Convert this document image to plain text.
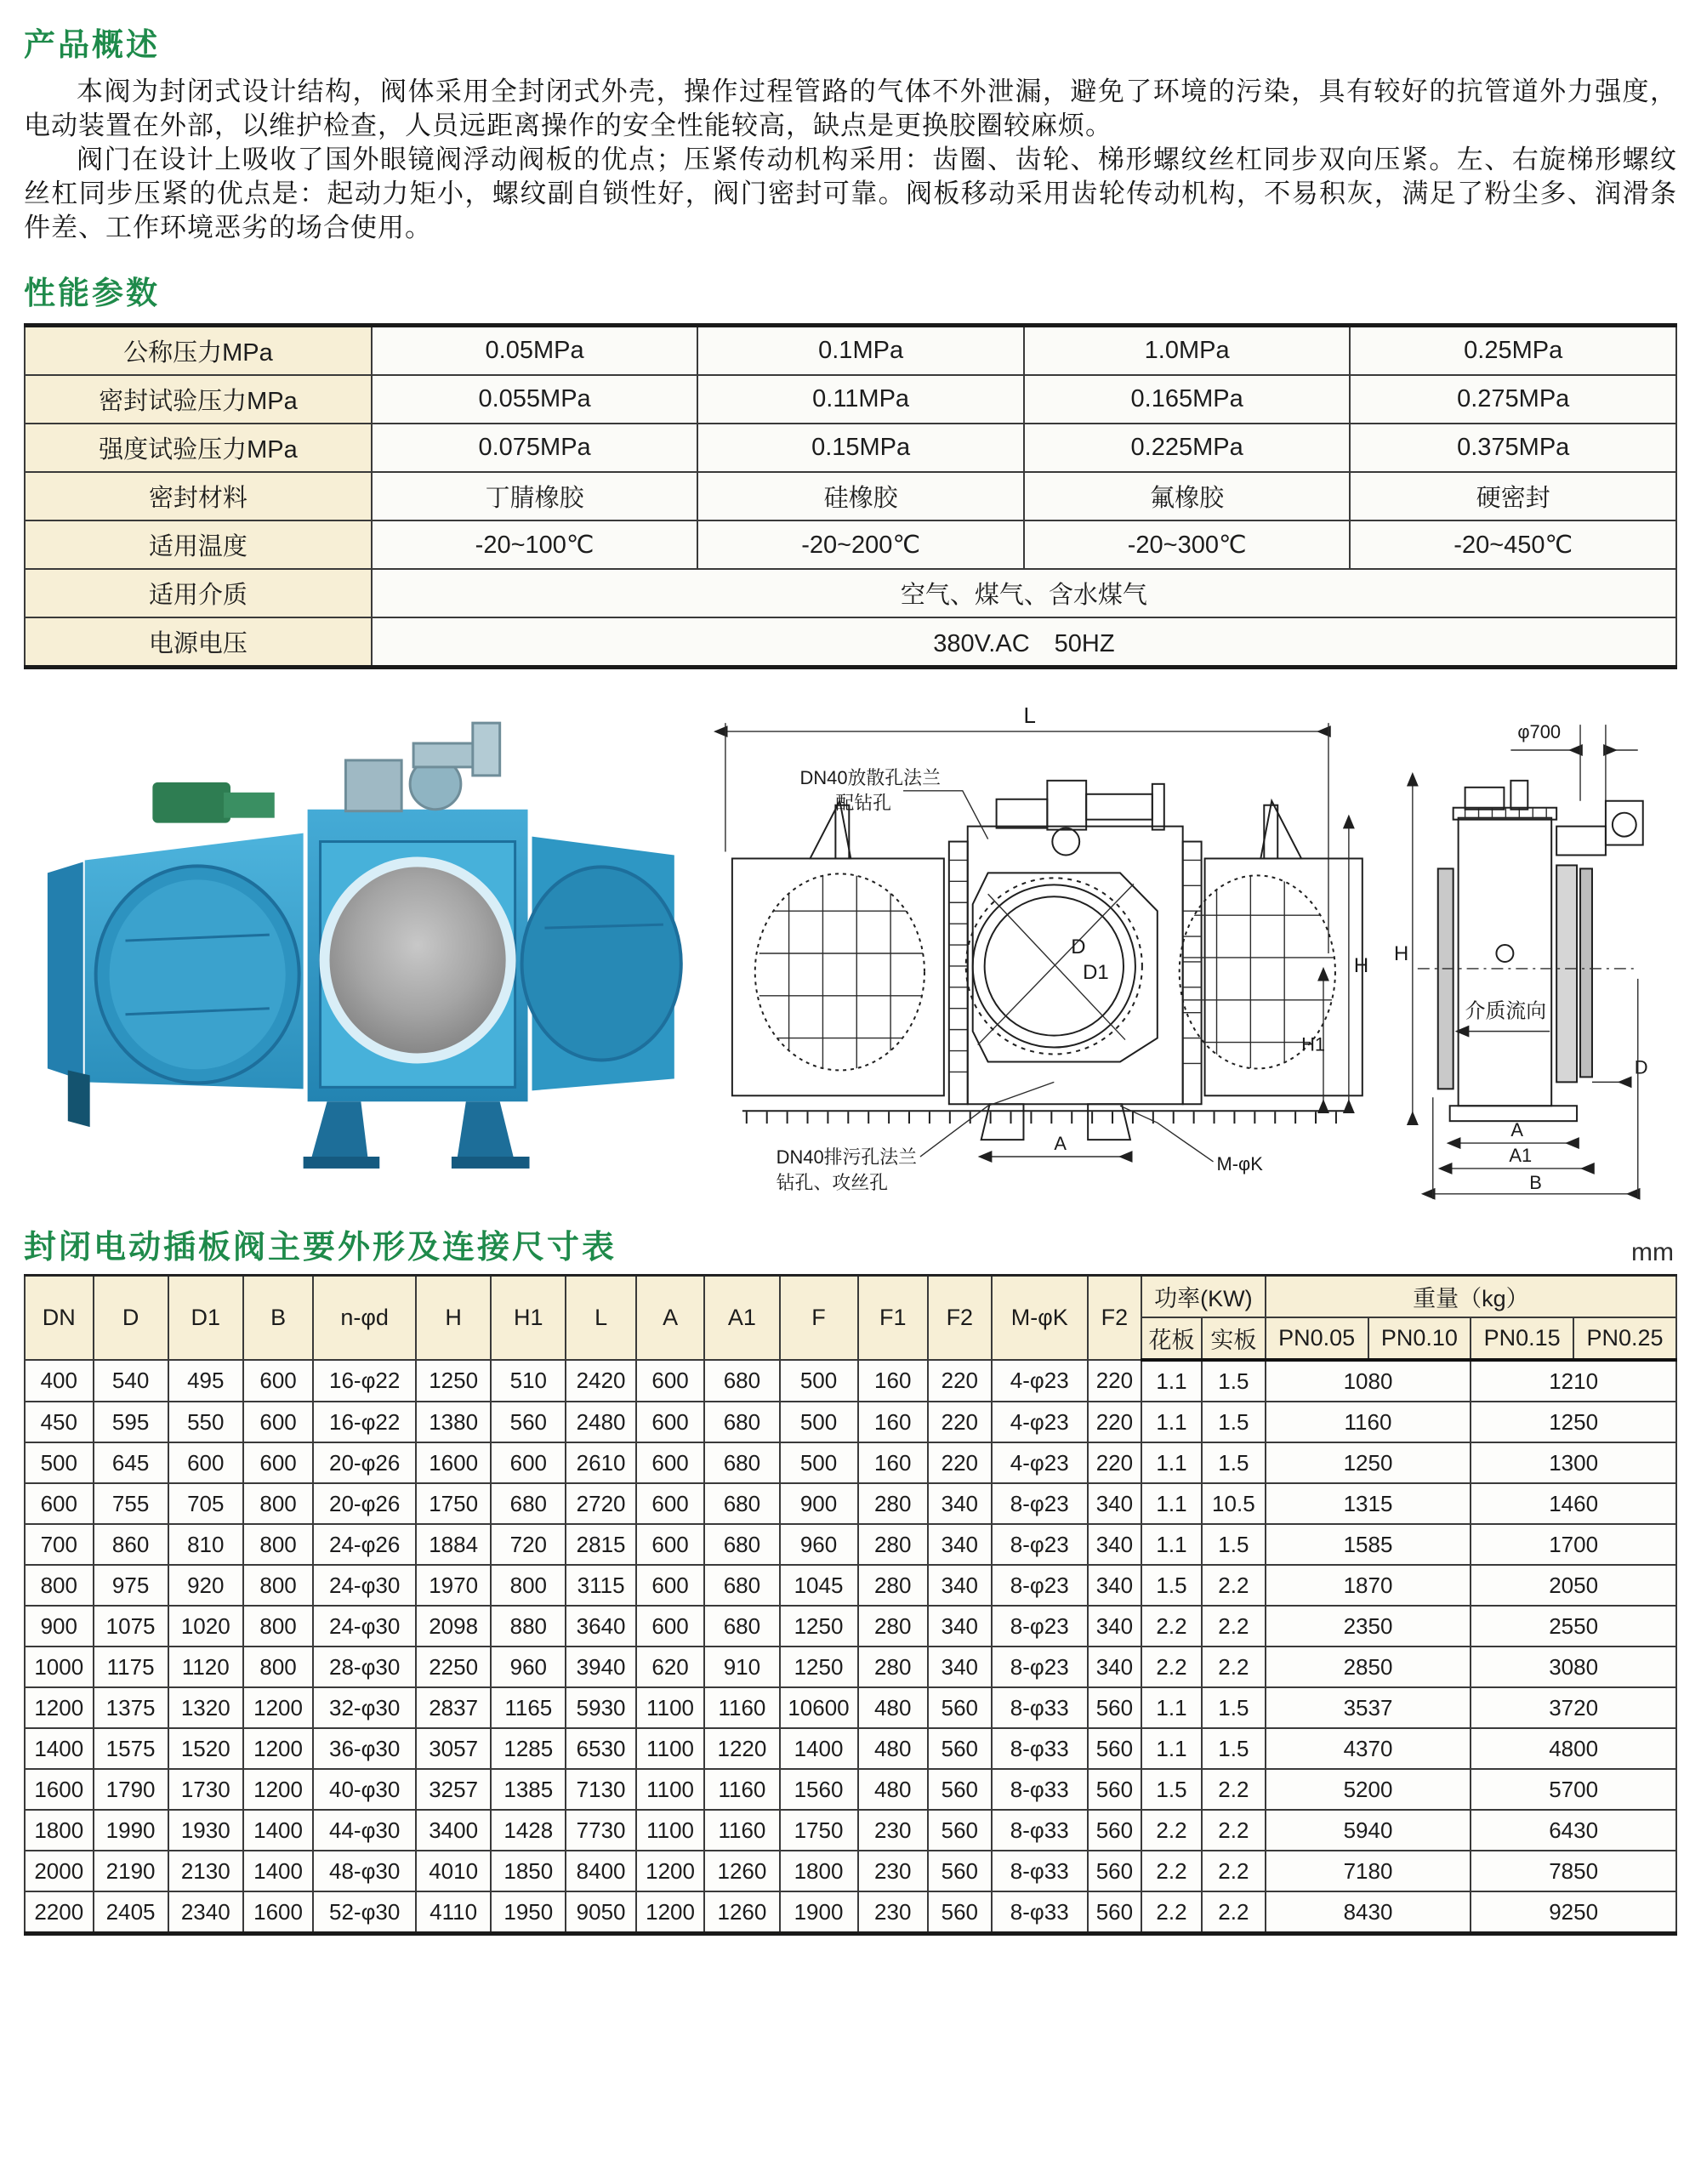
产品概述

本阀为封闭式设计结构，阀体采用全封闭式外壳，操作过程管路的气体不外泄漏，避免了环境的污染，具有较好的抗管道外力强度，电动装置在外部，以维护检查，人员远距离操作的安全性能较高，缺点是更换胶圈较麻烦。

阀门在设计上吸收了国外眼镜阀浮动阀板的优点；压紧传动机构采用：齿圈、齿轮、梯形螺纹丝杠同步双向压紧。左、右旋梯形螺纹丝杠同步压紧的优点是：起动力矩小，螺纹副自锁性好，阀门密封可靠。阀板移动采用齿轮传动机构，不易积灰，满足了粉尘多、润滑条件差、工作环境恶劣的场合使用。

性能参数
公称压力MPa	0.05MPa	0.1MPa	1.0MPa	0.25MPa
密封试验压力MPa	0.055MPa	0.11MPa	0.165MPa	0.275MPa
强度试验压力MPa	0.075MPa	0.15MPa	0.225MPa	0.375MPa
密封材料	丁腈橡胶	硅橡胶	氟橡胶	硬密封
适用温度	-20~100℃	-20~200℃	-20~300℃	-20~450℃
适用介质	空气、煤气、含水煤气			
电源电压	380V.AC　50HZ			
L
D
D1	H
H1
A
DN40放散孔法兰
配钻孔
DN40排污孔法兰
钻孔、攻丝孔
M-φK
φ700
介质流向
H
D
A
A1
B
封闭电动插板阀主要外形及连接尺寸表	mm
DN	D	D1	B	n-φd	H	H1	L	A	A1	F	F1	F2	M-φK	F2	功率(KW)		重量（kg）			
															花板	实板	PN0.05	PN0.10	PN0.15	PN0.25
400	540	495	600	16-φ22	1250	510	2420	600	680	500	160	220	4-φ23	220	1.1	1.5	1080		1210	
450	595	550	600	16-φ22	1380	560	2480	600	680	500	160	220	4-φ23	220	1.1	1.5	1160		1250	
500	645	600	600	20-φ26	1600	600	2610	600	680	500	160	220	4-φ23	220	1.1	1.5	1250		1300	
600	755	705	800	20-φ26	1750	680	2720	600	680	900	280	340	8-φ23	340	1.1	10.5	1315		1460	
700	860	810	800	24-φ26	1884	720	2815	600	680	960	280	340	8-φ23	340	1.1	1.5	1585		1700	
800	975	920	800	24-φ30	1970	800	3115	600	680	1045	280	340	8-φ23	340	1.5	2.2	1870		2050	
900	1075	1020	800	24-φ30	2098	880	3640	600	680	1250	280	340	8-φ23	340	2.2	2.2	2350		2550	
1000	1175	1120	800	28-φ30	2250	960	3940	620	910	1250	280	340	8-φ23	340	2.2	2.2	2850		3080	
1200	1375	1320	1200	32-φ30	2837	1165	5930	1100	1160	10600	480	560	8-φ33	560	1.1	1.5	3537		3720	
1400	1575	1520	1200	36-φ30	3057	1285	6530	1100	1220	1400	480	560	8-φ33	560	1.1	1.5	4370		4800	
1600	1790	1730	1200	40-φ30	3257	1385	7130	1100	1160	1560	480	560	8-φ33	560	1.5	2.2	5200		5700	
1800	1990	1930	1400	44-φ30	3400	1428	7730	1100	1160	1750	230	560	8-φ33	560	2.2	2.2	5940		6430	
2000	2190	2130	1400	48-φ30	4010	1850	8400	1200	1260	1800	230	560	8-φ33	560	2.2	2.2	7180		7850	
2200	2405	2340	1600	52-φ30	4110	1950	9050	1200	1260	1900	230	560	8-φ33	560	2.2	2.2	8430		9250	
